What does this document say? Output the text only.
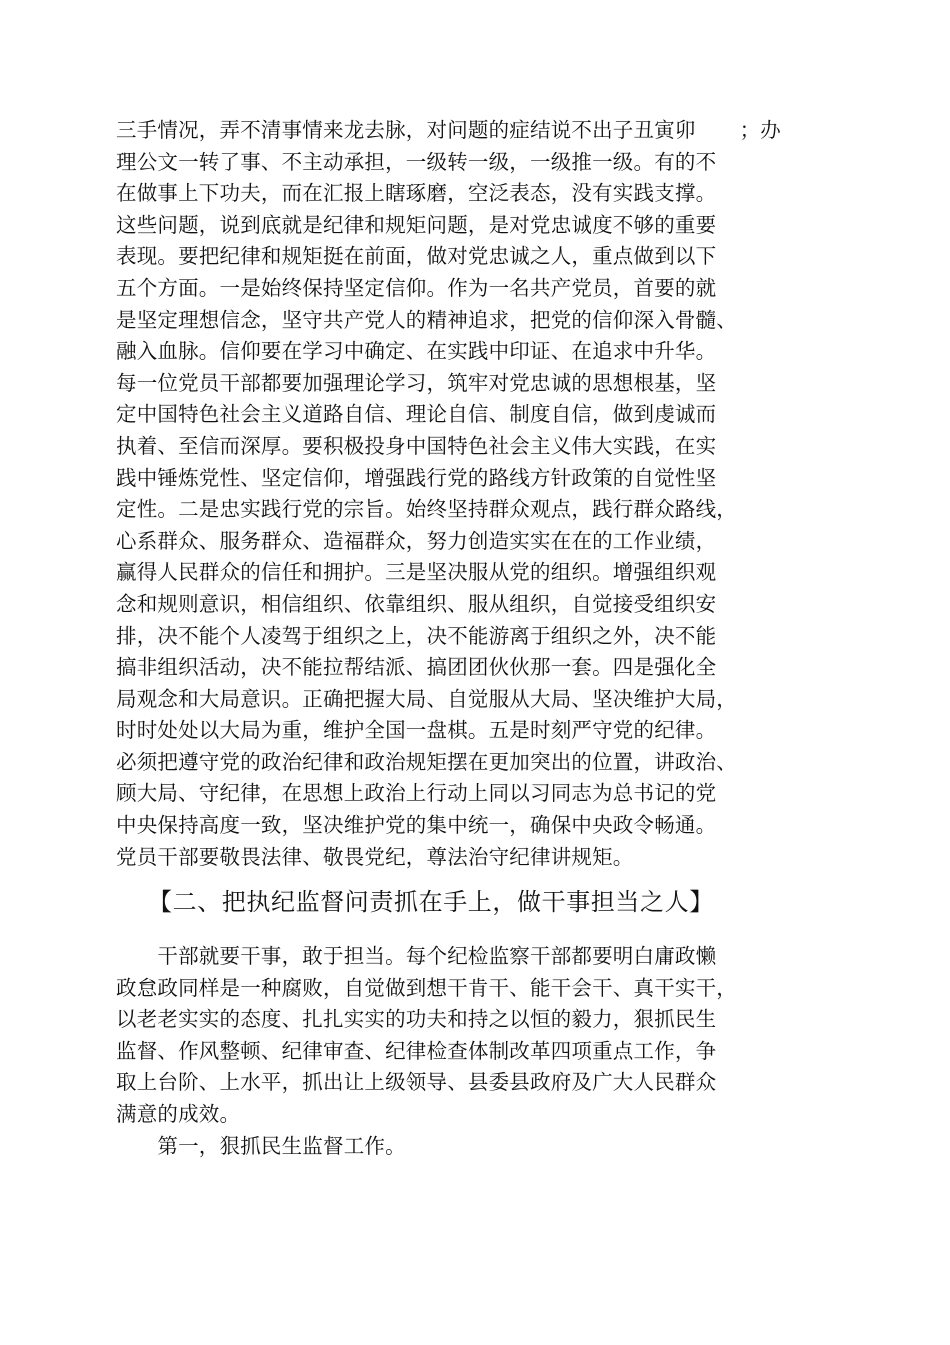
三手情况，弄不清事情来龙去脉，对问题的症结说不出子丑寅卯 ；办
理公文一转了事、不主动承担，一级转一级，一级推一级。有的不
在做事上下功夫，而在汇报上瞎琢磨，空泛表态，没有实践支撑。
这些问题，说到底就是纪律和规矩问题，是对党忠诚度不够的重要
表现。要把纪律和规矩挺在前面，做对党忠诚之人，重点做到以下
五个方面。一是始终保持坚定信仰。作为一名共产党员，首要的就
是坚定理想信念，坚守共产党人的精神追求，把党的信仰深入骨髓、
融入血脉。信仰要在学习中确定、在实践中印证、在追求中升华。
每一位党员干部都要加强理论学习，筑牢对党忠诚的思想根基，坚
定中国特色社会主义道路自信、理论自信、制度自信，做到虔诚而
执着、至信而深厚。要积极投身中国特色社会主义伟大实践，在实
践中锤炼党性、坚定信仰，增强践行党的路线方针政策的自觉性坚
定性。二是忠实践行党的宗旨。始终坚持群众观点，践行群众路线，
心系群众、服务群众、造福群众，努力创造实实在在的工作业绩，
赢得人民群众的信任和拥护。三是坚决服从党的组织。增强组织观
念和规则意识，相信组织、依靠组织、服从组织，自觉接受组织安
排，决不能个人凌驾于组织之上，决不能游离于组织之外，决不能
搞非组织活动，决不能拉帮结派、搞团团伙伙那一套。四是强化全
局观念和大局意识。正确把握大局、自觉服从大局、坚决维护大局，
时时处处以大局为重，维护全国一盘棋。五是时刻严守党的纪律。
必须把遵守党的政治纪律和政治规矩摆在更加突出的位置，讲政治、
顾大局、守纪律，在思想上政治上行动上同以习同志为总书记的党
中央保持高度一致，坚决维护党的集中统一，确保中央政令畅通。
党员干部要敬畏法律、敬畏党纪，尊法治守纪律讲规矩。
【二、把执纪监督问责抓在手上，做干事担当之人】
　　干部就要干事，敢于担当。每个纪检监察干部都要明白庸政懒
政怠政同样是一种腐败，自觉做到想干肯干、能干会干、真干实干，
以老老实实的态度、扎扎实实的功夫和持之以恒的毅力，狠抓民生
监督、作风整顿、纪律审查、纪律检查体制改革四项重点工作，争
取上台阶、上水平，抓出让上级领导、县委县政府及广大人民群众
满意的成效。
　　第一，狠抓民生监督工作。
